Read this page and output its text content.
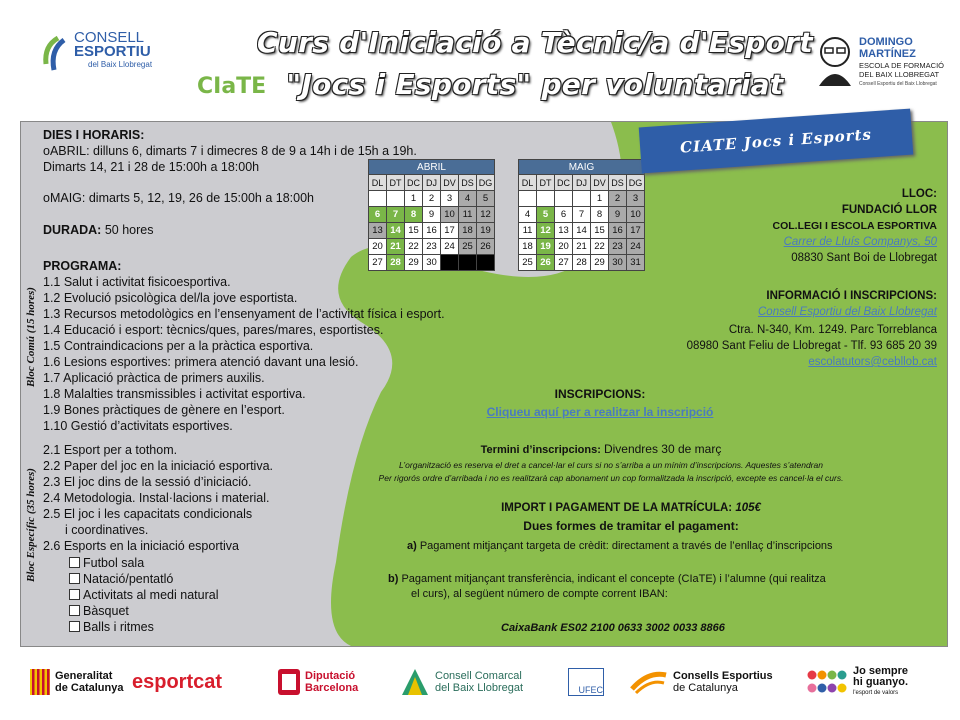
CONSELL
ESPORTIU
del Baix Llobregat
CIaTE
Curs d'Iniciació a Tècnic/a d'Esport
"Jocs i Esports" per voluntariat
DOMINGO
MARTÍNEZ
ESCOLA DE FORMACIÓ
DEL BAIX LLOBREGAT
Consell Esportiu del Baix Llobregat
DIES I HORARIS:
oABRIL: dilluns 6, dimarts 7 i dimecres 8 de 9 a 14h i de 15h a 19h.
Dimarts 14, 21 i 28 de 15:00h a 18:00h
oMAIG: dimarts 5, 12, 19, 26 de 15:00h a 18:00h
DURADA: 50 hores
PROGRAMA:
Bloc Comú (15 hores)
Bloc Específic (35 hores)
ABRIL						
DL	DT	DC	DJ	DV	DS	DG
		1	2	3	4	5
6	7	8	9	10	11	12
13	14	15	16	17	18	19
20	21	22	23	24	25	26
27	28	29	30			
MAIG						
DL	DT	DC	DJ	DV	DS	DG
				1	2	3
4	5	6	7	8	9	10
11	12	13	14	15	16	17
18	19	20	21	22	23	24
25	26	27	28	29	30	31
LLOC:
FUNDACIÓ LLOR
COL.LEGI I ESCOLA ESPORTIVA
Carrer de Lluís Companys, 50
08830 Sant Boi de Llobregat
INFORMACIÓ I INSCRIPCIONS:
Consell Esportiu del Baix Llobregat
Ctra. N-340, Km. 1249. Parc Torreblanca
08980 Sant Feliu de Llobregat - Tlf. 93 685 20 39
escolatutors@cebllob.cat
INSCRIPCIONS:
Cliqueu aquí per a realitzar la inscripció
Termini d’inscripcions: Divendres 30 de març
L’organització es reserva el dret a cancel·lar el curs si no s’arriba a un mínim d’inscripcions. Aquestes s’atendran
Per rigorós ordre d’arribada i no es realitzarà cap abonament un cop formalitzada la inscripció, excepte es cancel·la el curs.
IMPORT I PAGAMENT DE LA MATRÍCULA: 105€
Dues formes de tramitar el pagament:
a) Pagament mitjançant targeta de crèdit: directament a través de l’enllaç d’inscripcions
b) Pagament mitjançant transferència, indicant el concepte (CIaTE) i l’alumne (qui realitza
el curs), al següent número de compte corrent IBAN:
CaixaBank ES02 2100 0633 3002 0033 8866
1.1 Salut i activitat fisicoesportiva.
1.2 Evolució psicològica del/la jove esportista.
1.3 Recursos metodològics en l’ensenyament de l’activitat física i esport.
1.4 Educació i esport: tècnics/ques, pares/mares, esportistes.
1.5 Contraindicacions per a la pràctica esportiva.
1.6 Lesions esportives: primera atenció davant una lesió.
1.7 Aplicació pràctica de primers auxilis.
1.8 Malalties transmissibles i activitat esportiva.
1.9 Bones pràctiques de gènere en l’esport.
1.10 Gestió d’activitats esportives.
2.1 Esport per a tothom.
2.2 Paper del joc en la iniciació esportiva.
2.3 El joc dins de la sessió d’iniciació.
2.4 Metodologia. Instal·lacions i material.
2.5 El joc i les capacitats condicionals
i coordinatives.
2.6 Esports en la iniciació esportiva
Futbol sala
Natació/pentatló
Activitats al medi natural
Bàsquet
Balls i ritmes
CIATE Jocs i Esports
Generalitat
de Catalunya esportcat	Diputació
Barcelona
Consell Comarcal
del Baix Llobregat	UFEC
Consells Esportius
de Catalunya
Jo sempre
hi guanyo.
l'esport de valors
